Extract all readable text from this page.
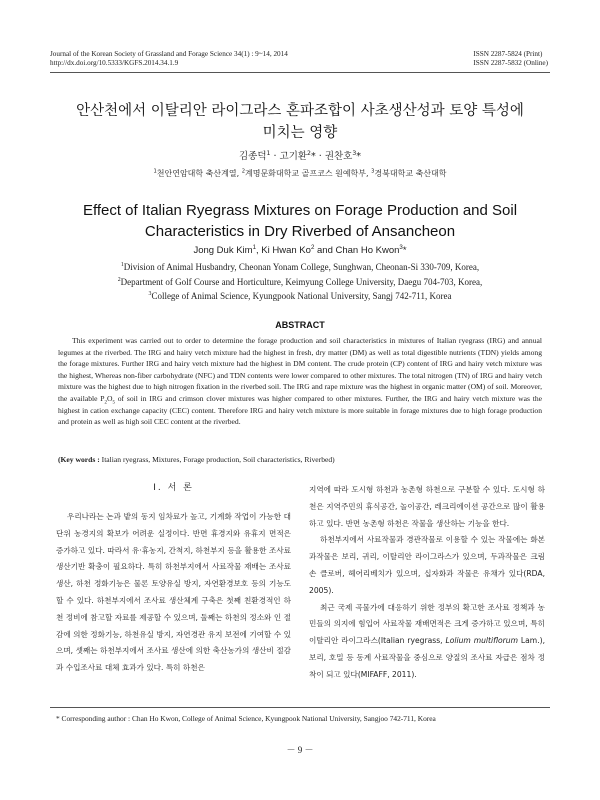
Journal of the Korean Society of Grassland and Forage Science 34(1) : 9~14, 2014
http://dx.doi.org/10.5333/KGFS.2014.34.1.9
ISSN 2287-5824 (Print)
ISSN 2287-5832 (Online)
안산천에서 이탈리안 라이그라스 혼파조합이 사초생산성과 토양 특성에
미치는 영향
김종덕$^1$ · 고기환$^2$* · 권찬호$^3$*
$^1$천안연암대학 축산계열, $^2$계명문화대학교 골프코스 원예학부, $^3$경북대학교 축산대학
Effect of Italian Ryegrass Mixtures on Forage Production and Soil
Characteristics in Dry Riverbed of Ansancheon
Jong Duk Kim$^1$, Ki Hwan Ko$^2$ and Chan Ho Kwon$^3$*
$^1$Division of Animal Husbandry, Cheonan Yonam College, Sunghwan, Cheonan-Si 330-709, Korea,
$^2$Department of Golf Course and Horticulture, Keimyung College University, Daegu 704-703, Korea,
$^3$College of Animal Science, Kyungpook National University, Sangj 742-711, Korea
ABSTRACT
This experiment was carried out to order to determine the forage production and soil characteristics in mixtures of Italian ryegrass (IRG) and annual legumes at the riverbed. The IRG and hairy vetch mixture had the highest in fresh, dry matter (DM) as well as total digestible nutrients (TDN) yields among the forage mixtures. Further IRG and hairy vetch mixture had the highest in DM content. The crude protein (CP) content of IRG and hairy vetch mixture was the highest, Whereas non-fiber carbohydrate (NFC) and TDN contents were lower compared to other mixtures. The total nitrogen (TN) of IRG and hairy vetch mixture was the highest due to high nitrogen fixation in the riverbed soil. The IRG and rape mixture was the highest in organic matter (OM) of soil. Moreover, the available $P_2O_5$ of soil in IRG and crimson clover mixtures was higher compared to other mixtures. Further, the IRG and hairy vetch mixture was the highest in cation exchange capacity (CEC) content. Therefore IRG and hairy vetch mixture is more suitable in forage mixtures due to high forage production and protein as well as high soil CEC content at the riverbed.
(Key words : Italian ryegrass, Mixtures, Forage production, Soil characteristics, Riverbed)
Ⅰ. 서 론

우리나라는 논과 밭의 동지 임차료가 높고, 기계화 작업이 가능한 대단위 농경지의 확보가 어려운 실정이다. 반면 휴경지와 유휴지 면적은 증가하고 있다. 따라서 유·휴농지, 간척지, 하천부지 등을 활용한 조사료 생산기반 확충이 필요하다. 특히 하천부지에서 사료작물 재배는 조사료 생산, 하천 정화기능은 물론 토양유실 방지, 자연환경보호 등의 기능도 할 수 있다. 하천부지에서 조사료 생산체계 구축은 첫째 친환경적인 하천 정비에 참고할 자료를 제공할 수 있으며, 둘째는 하천의 정소와 인 절감에 의한 정화기능, 하천유실 방지, 자연경관 유지 보전에 기여할 수 있으며, 셋째는 하천부지에서 조사료 생산에 의한 축산농가의 생산비 절감과 수입조사료 대체 효과가 있다. 특히 하천은

지역에 따라 도시형 하천과 농촌형 하천으로 구분할 수 있다. 도시형 하천은 지역주민의 휴식공간, 놀이공간, 레크리에이션 공간으로 많이 활용하고 있다. 반면 농촌형 하천은 작물을 생산하는 기능을 한다.

하천부지에서 사료작물과 경관작물로 이용할 수 있는 작물에는 화본과작물은 보리, 귀리, 이탈리안 라이그라스가 있으며, 두과작물은 크림손 클로버, 헤어리베치가 있으며, 십자화과 작물은 유채가 있다(RDA, 2005).

최근 국제 곡물가에 대응하기 위한 정부의 확고한 조사료 정책과 농민들의 의지에 힘입어 사료작물 재배면적은 크게 증가하고 있으며, 특히 이탈리안 라이그라스(Italian ryegrass, Lolium multiflorum Lam.), 보리, 호밀 등 동계 사료작물을 중심으로 양질의 조사료 자급은 점차 정착이 되고 있다(MIFAFF, 2011).

* Corresponding author : Chan Ho Kwon, College of Animal Science, Kyungpook National University, Sangjoo 742-711, Korea
－ 9 －
